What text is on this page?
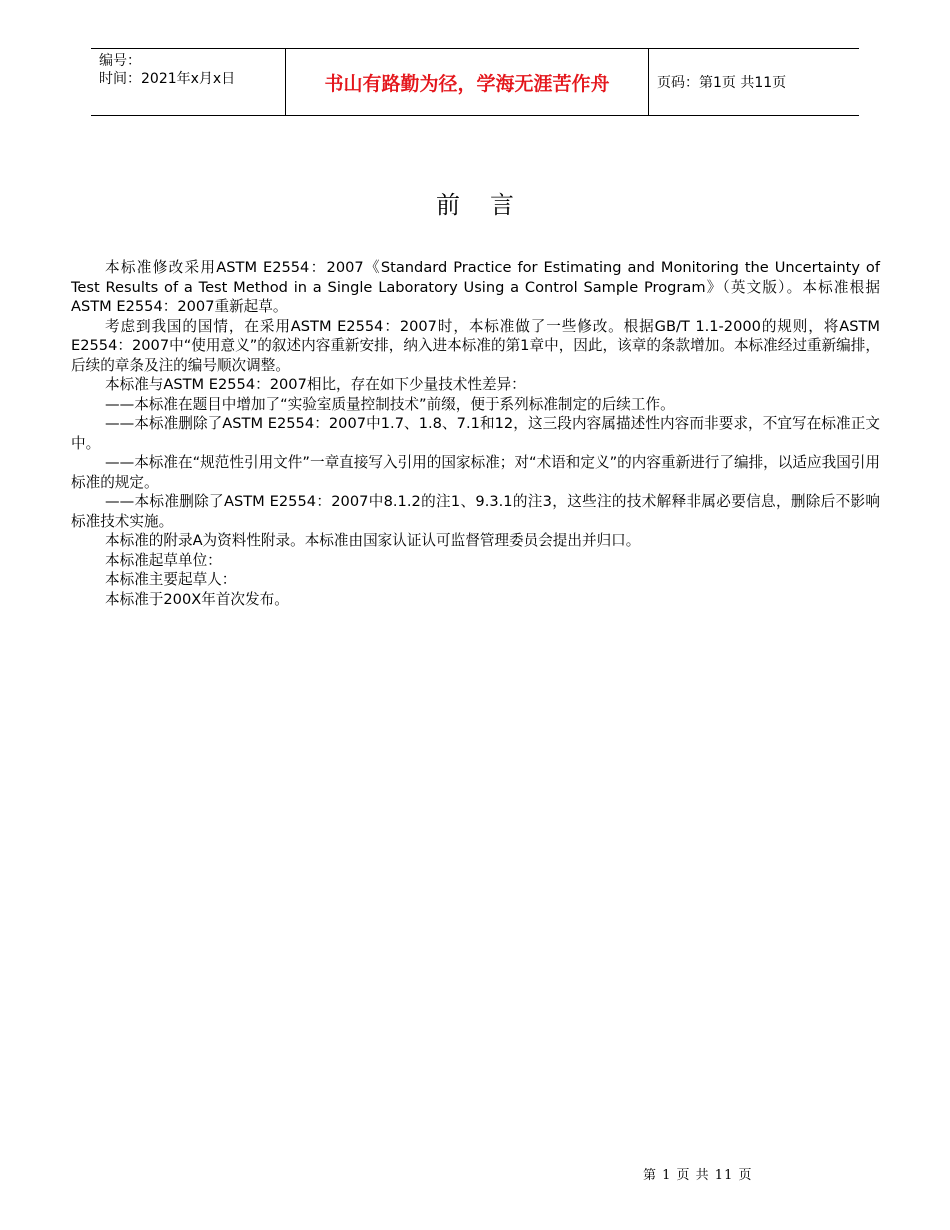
编号：
时间：2021年x月x日	书山有路勤为径，学海无涯苦作舟	页码：第1页 共11页
前言

本标准修改采用ASTM E2554：2007《Standard Practice for Estimating and Monitoring the Uncertainty of Test Results of a Test Method in a Single Laboratory Using a Control Sample Program》（英文版）。本标准根据ASTM E2554：2007重新起草。

考虑到我国的国情，在采用ASTM E2554：2007时，本标准做了一些修改。根据GB/T 1.1-2000的规则，将ASTM E2554：2007中“使用意义”的叙述内容重新安排，纳入进本标准的第1章中，因此，该章的条款增加。本标准经过重新编排，后续的章条及注的编号顺次调整。

本标准与ASTM E2554：2007相比，存在如下少量技术性差异：

——本标准在题目中增加了“实验室质量控制技术”前缀，便于系列标准制定的后续工作。

——本标准删除了ASTM E2554：2007中1.7、1.8、7.1和12，这三段内容属描述性内容而非要求，不宜写在标准正文中。

——本标准在“规范性引用文件”一章直接写入引用的国家标准；对“术语和定义”的内容重新进行了编排，以适应我国引用标准的规定。

——本标准删除了ASTM E2554：2007中8.1.2的注1、9.3.1的注3，这些注的技术解释非属必要信息，删除后不影响标准技术实施。

本标准的附录A为资料性附录。本标准由国家认证认可监督管理委员会提出并归口。

本标准起草单位：

本标准主要起草人：

本标准于200X年首次发布。

第 1 页 共 11 页
